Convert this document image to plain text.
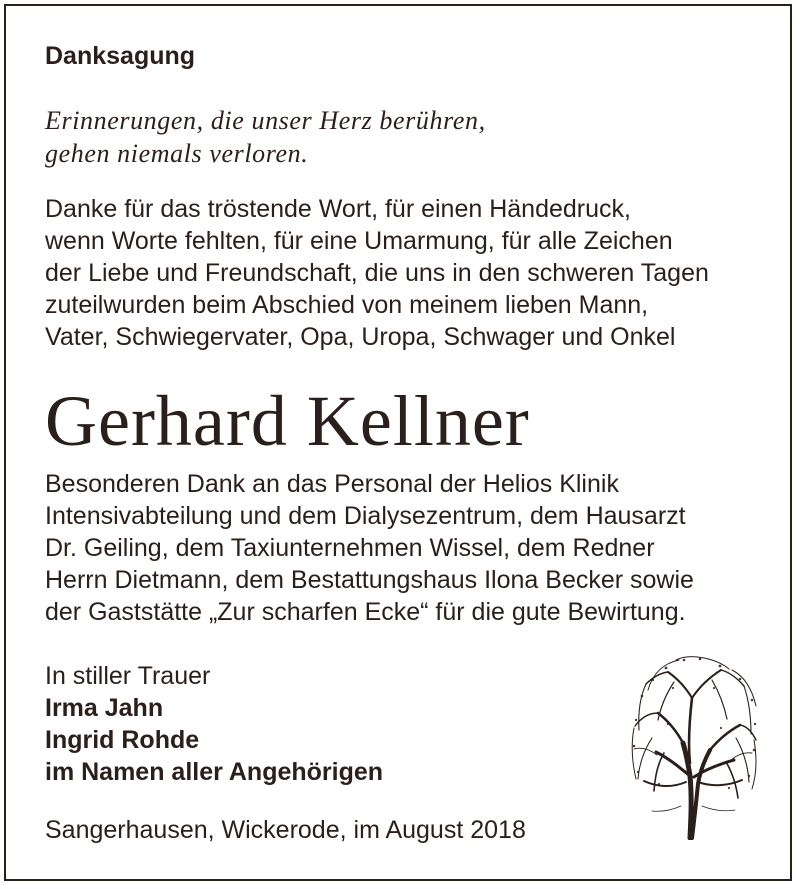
Danksagung
Erinnerungen, die unser Herz berühren,
gehen niemals verloren.
Danke für das tröstende Wort, für einen Händedruck,
wenn Worte fehlten, für eine Umarmung, für alle Zeichen
der Liebe und Freundschaft, die uns in den schweren Tagen
zuteilwurden beim Abschied von meinem lieben Mann,
Vater, Schwiegervater, Opa, Uropa, Schwager und Onkel
Gerhard Kellner
Besonderen Dank an das Personal der Helios Klinik
Intensivabteilung und dem Dialysezentrum, dem Hausarzt
Dr. Geiling, dem Taxiunternehmen Wissel, dem Redner
Herrn Dietmann, dem Bestattungshaus Ilona Becker sowie
der Gaststätte „Zur scharfen Ecke“ für die gute Bewirtung.
In stiller Trauer
Irma Jahn
Ingrid Rohde
im Namen aller Angehörigen
Sangerhausen, Wickerode, im August 2018
